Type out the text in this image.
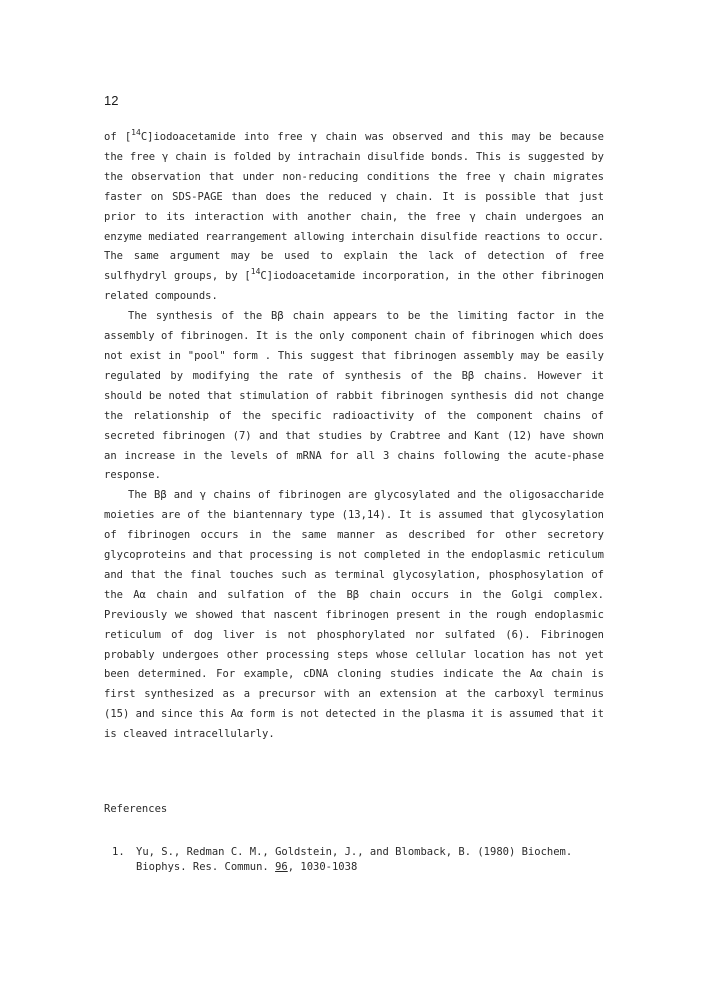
12

of [$^{14}$C]iodoacetamide into free γ chain was observed and this may be because the free γ chain is folded by intrachain disulfide bonds. This is suggested by the observation that under non-reducing conditions the free γ chain migrates faster on SDS-PAGE than does the reduced γ chain. It is possible that just prior to its interaction with another chain, the free γ chain undergoes an enzyme mediated rearrangement allowing interchain disulfide reactions to occur. The same argument may be used to explain the lack of detection of free sulfhydryl groups, by [$^{14}$C]iodoacetamide incorporation, in the other fibrinogen related compounds.

The synthesis of the Bβ chain appears to be the limiting factor in the assembly of fibrinogen. It is the only component chain of fibrinogen which does not exist in "pool" form . This suggest that fibrinogen assembly may be easily regulated by modifying the rate of synthesis of the Bβ chains. However it should be noted that stimulation of rabbit fibrinogen synthesis did not change the relationship of the specific radioactivity of the component chains of secreted fibrinogen (7) and that studies by Crabtree and Kant (12) have shown an increase in the levels of mRNA for all 3 chains following the acute-phase response.

The Bβ and γ chains of fibrinogen are glycosylated and the oligosaccharide moieties are of the biantennary type (13,14). It is assumed that glycosylation of fibrinogen occurs in the same manner as described for other secretory glycoproteins and that processing is not completed in the endoplasmic reticulum and that the final touches such as terminal glycosylation, phosphosylation of the Aα chain and sulfation of the Bβ chain occurs in the Golgi complex. Previously we showed that nascent fibrinogen present in the rough endoplasmic reticulum of dog liver is not phosphorylated nor sulfated (6). Fibrinogen probably undergoes other processing steps whose cellular location has not yet been determined. For example, cDNA cloning studies indicate the Aα chain is first synthesized as a precursor with an extension at the carboxyl terminus (15) and since this Aα form is not detected in the plasma it is assumed that it is cleaved intracellularly.

References
1.	Yu, S., Redman C. M., Goldstein, J., and Blomback, B. (1980) Biochem.
Biophys. Res. Commun. 96, 1030-1038
